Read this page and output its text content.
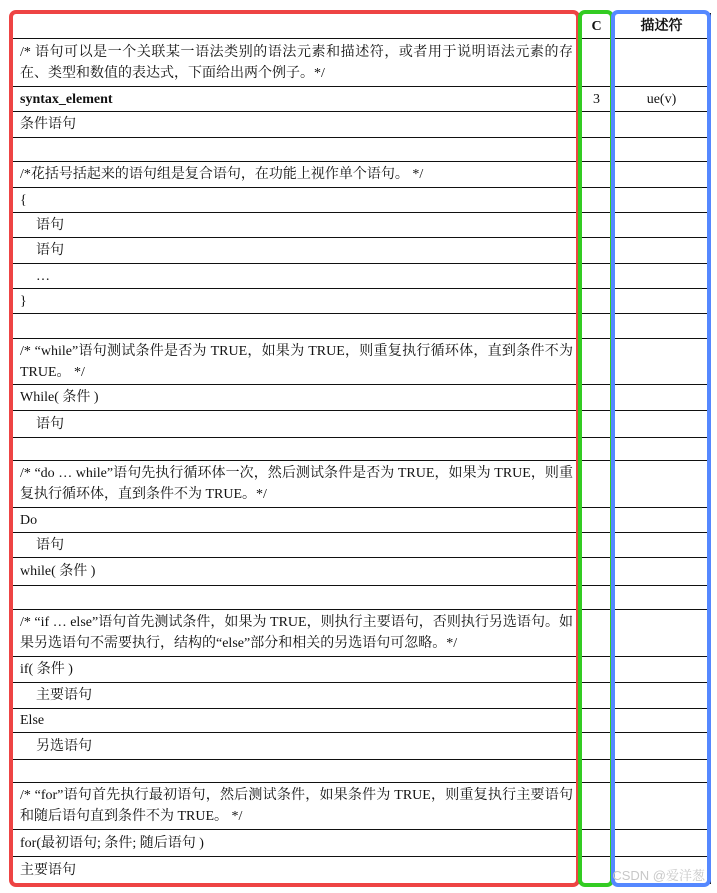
	C	描述符
/* 语句可以是一个关联某一语法类别的语法元素和描述符，或者用于说明语法元素的存在、类型和数值的表达式，下面给出两个例子。*/		
syntax_element	3	ue(v)
条件语句		

/*花括号括起来的语句组是复合语句，在功能上视作单个语句。 */		
{		
语句		
语句		
…		
}		

/* “while”语句测试条件是否为 TRUE，如果为 TRUE，则重复执行循环体，直到条件不为 TRUE。 */		
While( 条件 )		
语句		

/* “do … while”语句先执行循环体一次，然后测试条件是否为 TRUE，如果为 TRUE，则重复执行循环体，直到条件不为 TRUE。*/		
Do		
语句		
while( 条件 )		

/* “if … else”语句首先测试条件，如果为 TRUE，则执行主要语句，否则执行另选语句。如果另选语句不需要执行，结构的“else”部分和相关的另选语句可忽略。*/		
if( 条件 )		
主要语句		
Else		
另选语句		

/* “for”语句首先执行最初语句，然后测试条件，如果条件为 TRUE，则重复执行主要语句和随后语句直到条件不为 TRUE。 */		
for(最初语句; 条件; 随后语句 )		
主要语句			CSDN @爱洋葱
